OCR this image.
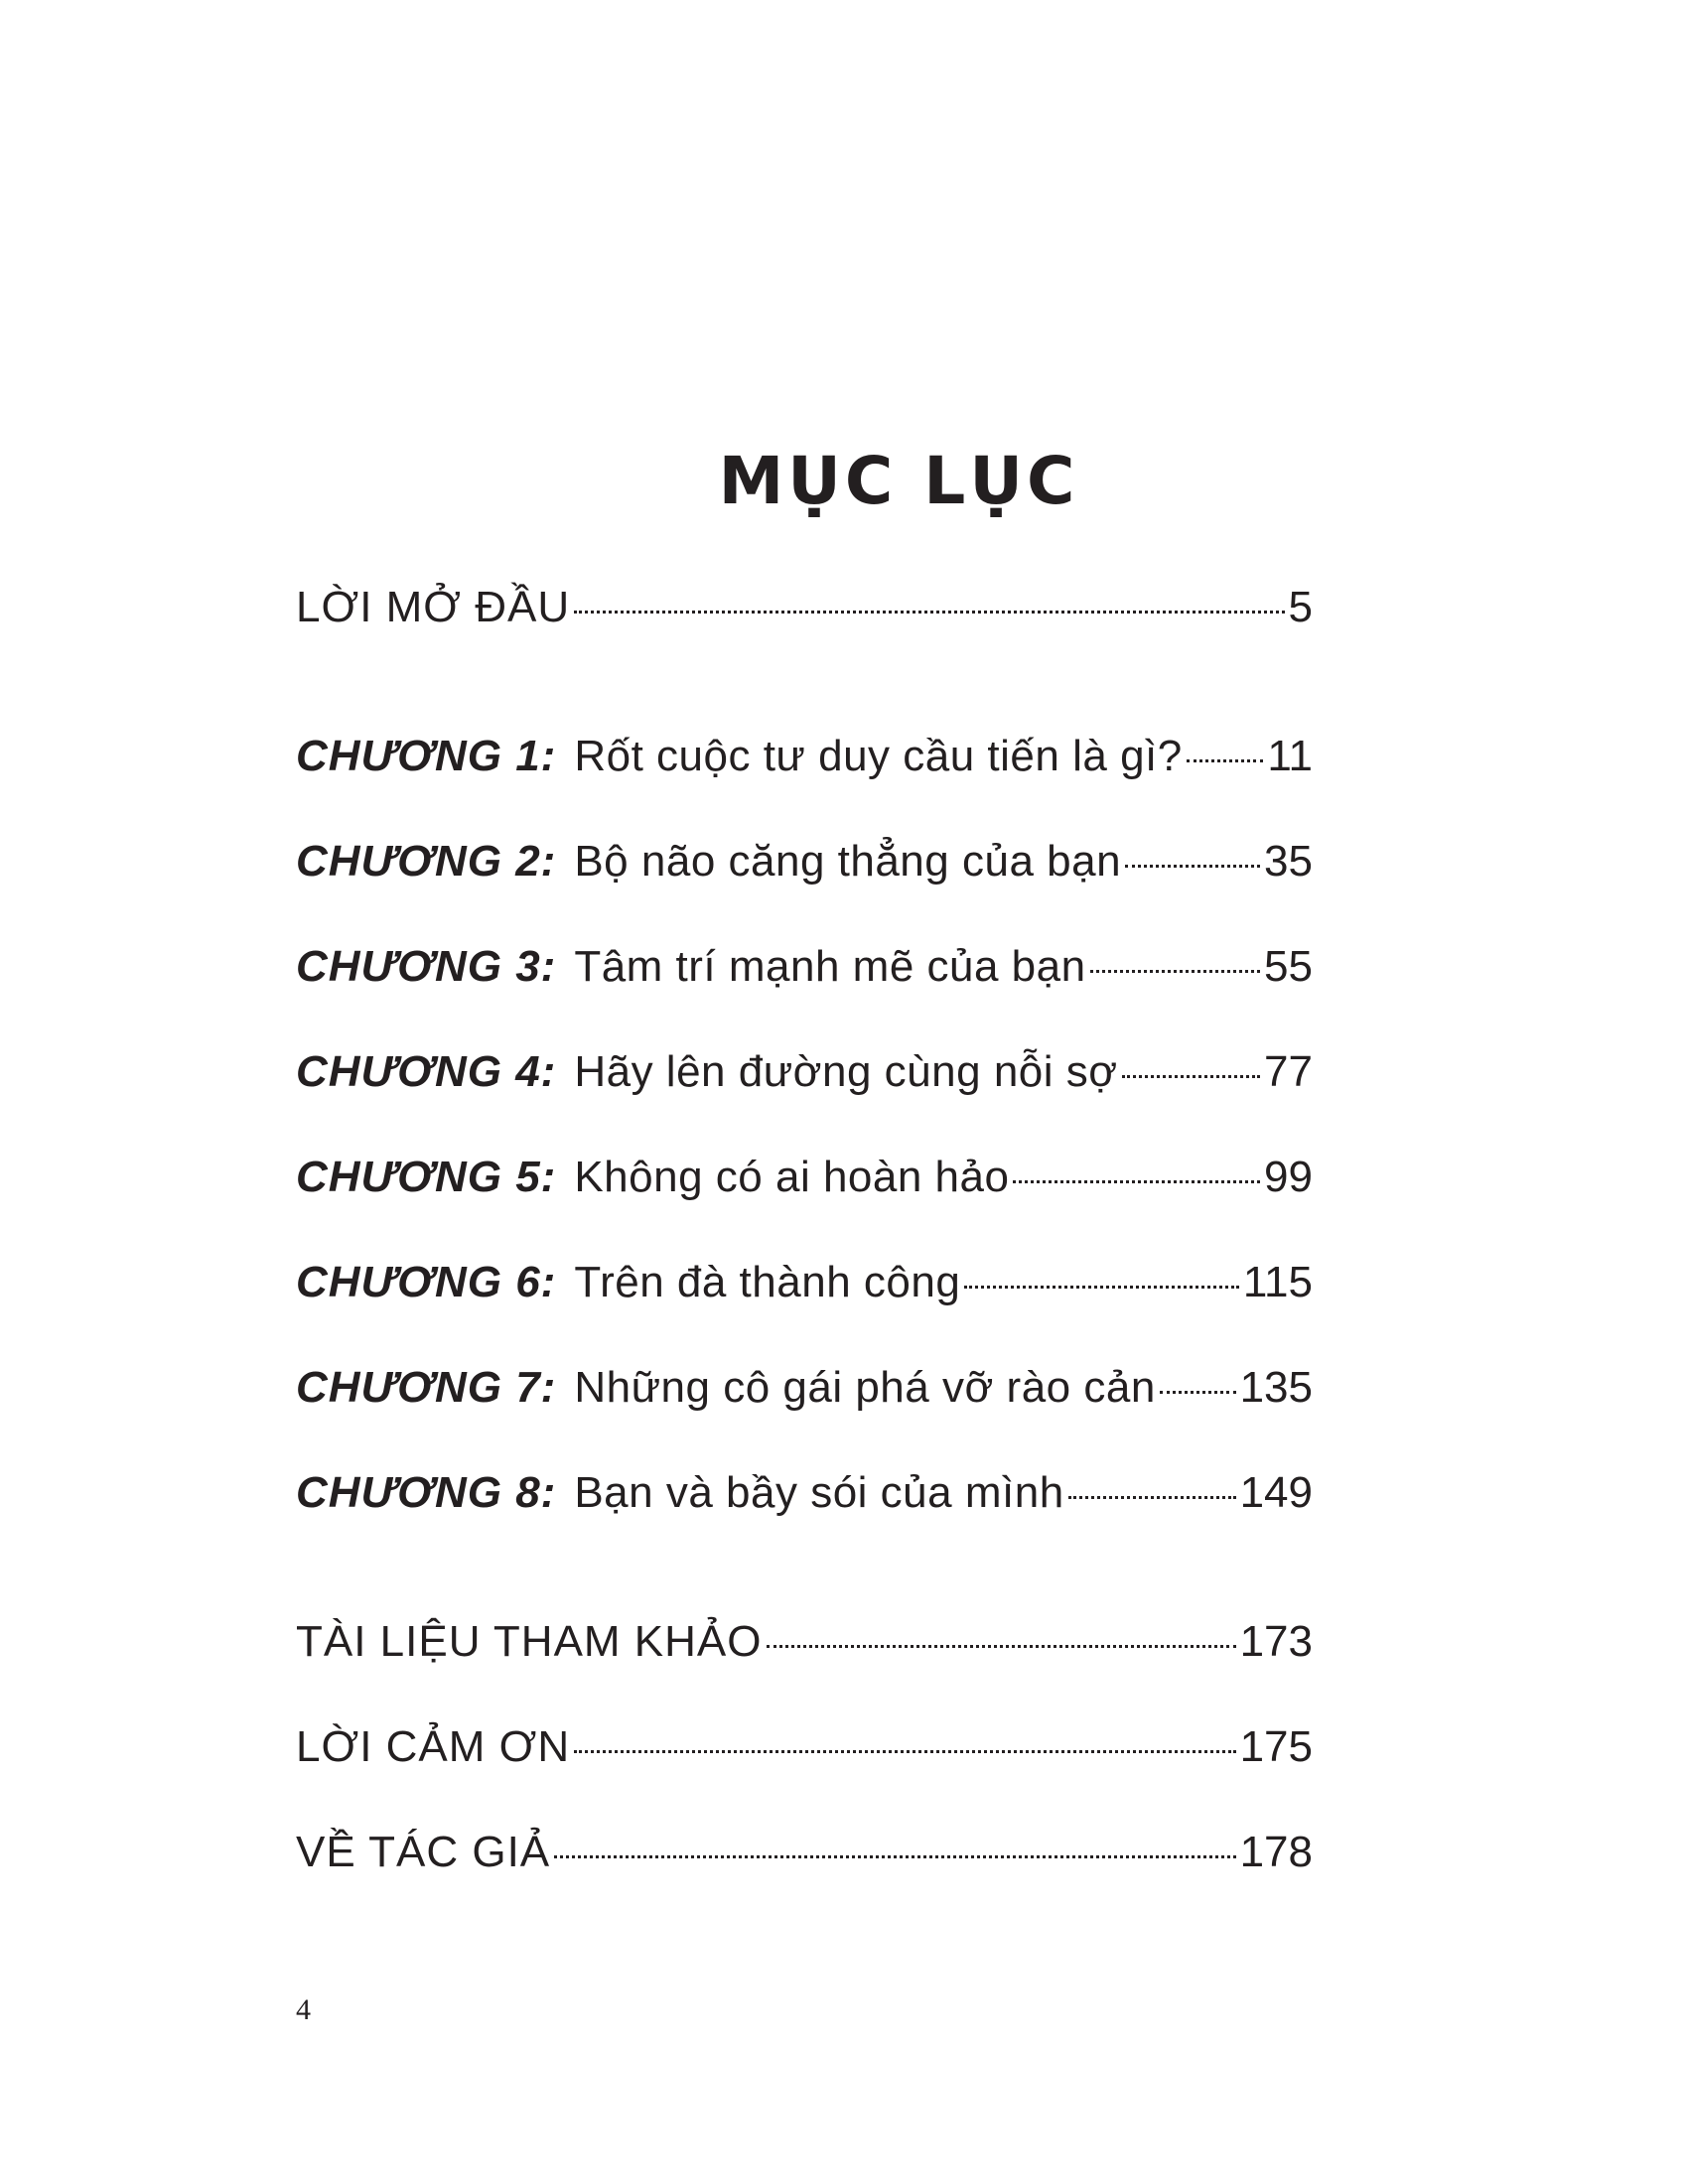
MỤC LỤC
LỜI MỞ ĐẦU	5
CHƯƠNG 1: Rốt cuộc tư duy cầu tiến là gì? 11
CHƯƠNG 2: Bộ não căng thẳng của bạn	35
CHƯƠNG 3: Tâm trí mạnh mẽ của bạn	55
CHƯƠNG 4: Hãy lên đường cùng nỗi sợ	77
CHƯƠNG 5: Không có ai hoàn hảo	99
CHƯƠNG 6: Trên đà thành công	115
CHƯƠNG 7: Những cô gái phá vỡ rào cản 135
CHƯƠNG 8: Bạn và bầy sói của mình	149
TÀI LIỆU THAM KHẢO	173
LỜI CẢM ƠN	175
VỀ TÁC GIẢ	178
4
